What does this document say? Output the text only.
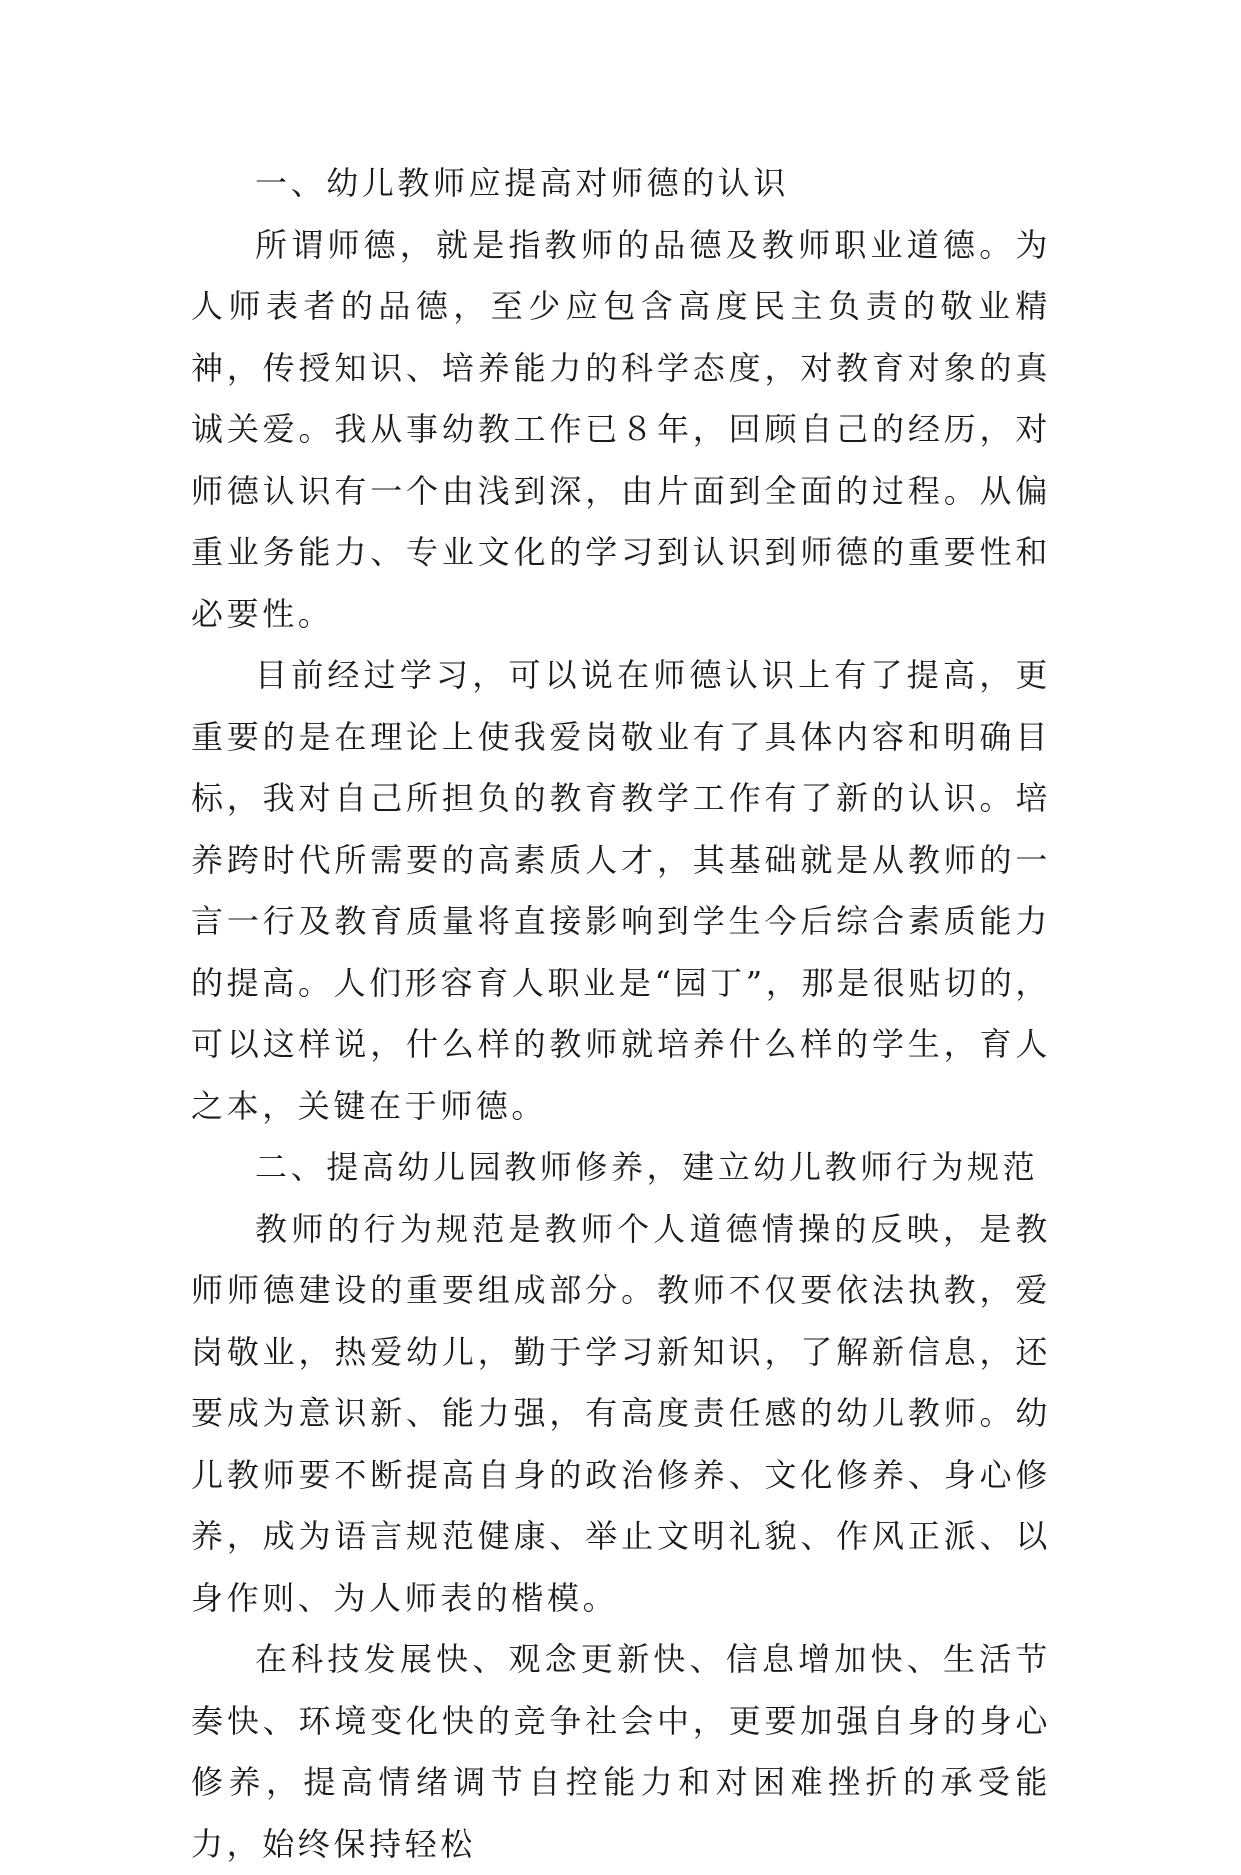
一、幼儿教师应提高对师德的认识

所谓师德，就是指教师的品德及教师职业道德。为人师表者的品德，至少应包含高度民主负责的敬业精神，传授知识、培养能力的科学态度，对教育对象的真诚关爱。我从事幼教工作已８年，回顾自己的经历，对师德认识有一个由浅到深，由片面到全面的过程。从偏重业务能力、专业文化的学习到认识到师德的重要性和必要性。

目前经过学习，可以说在师德认识上有了提高，更重要的是在理论上使我爱岗敬业有了具体内容和明确目标，我对自己所担负的教育教学工作有了新的认识。培养跨时代所需要的高素质人才，其基础就是从教师的一言一行及教育质量将直接影响到学生今后综合素质能力的提高。人们形容育人职业是“园丁”，那是很贴切的，可以这样说，什么样的教师就培养什么样的学生，育人之本，关键在于师德。

二、提高幼儿园教师修养，建立幼儿教师行为规范

教师的行为规范是教师个人道德情操的反映，是教师师德建设的重要组成部分。教师不仅要依法执教，爱岗敬业，热爱幼儿，勤于学习新知识，了解新信息，还要成为意识新、能力强，有高度责任感的幼儿教师。幼儿教师要不断提高自身的政治修养、文化修养、身心修养，成为语言规范健康、举止文明礼貌、作风正派、以身作则、为人师表的楷模。

在科技发展快、观念更新快、信息增加快、生活节奏快、环境变化快的竞争社会中，更要加强自身的身心修养，提高情绪调节自控能力和对困难挫折的承受能力，始终保持轻松
